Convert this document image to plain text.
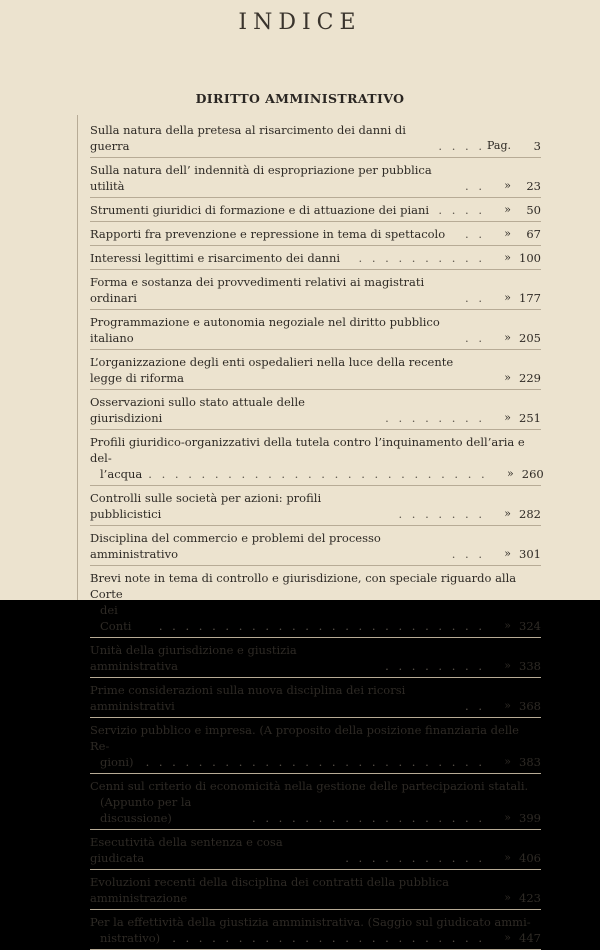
INDICE
DIRITTO AMMINISTRATIVO
Sulla natura della pretesa al risarcimento dei danni di guerra	. . . . Pag.	3
Sulla natura dell’ indennità di espropriazione per pubblica utilità	. .	»	23
Strumenti giuridici di formazione e di attuazione dei piani . . . .	»	50
Rapporti fra prevenzione e repressione in tema di spettacolo	. .	»	67
Interessi legittimi e risarcimento dei danni	. . . . . . . . . .	» 100
Forma e sostanza dei provvedimenti relativi ai magistrati ordinari	. .	» 177
Programmazione e autonomia negoziale nel diritto pubblico italiano	. .	» 205
L’organizzazione degli enti ospedalieri nella luce della recente legge di riforma	» 229
Osservazioni sullo stato attuale delle giurisdizioni	. . . . . . . .	» 251
Profili giuridico-organizzativi della tutela contro l’inquinamento dell’aria e del-
l’acqua . . . . . . . . . . . . . . . . . . . . . . . . . .	» 260
Controlli sulle società per azioni: profili pubblicistici	. . . . . . .	» 282
Disciplina del commercio e problemi del processo amministrativo	. . .	» 301
Brevi note in tema di controllo e giurisdizione, con speciale riguardo alla Corte
dei Conti	. . . . . . . . . . . . . . . . . . . . . . . . .	» 324
Unità della giurisdizione e giustizia amministrativa	. . . . . . . .	» 338
Prime considerazioni sulla nuova disciplina dei ricorsi amministrativi	. .	» 368
Servizio pubblico e impresa. (A proposito della posizione finanziaria delle Re-
gioni)	. . . . . . . . . . . . . . . . . . . . . . . . . .	» 383
Cenni sul criterio di economicità nella gestione delle partecipazioni statali.
(Appunto per la discussione)	. . . . . . . . . . . . . . . . . .	» 399
Esecutività della sentenza e cosa giudicata	. . . . . . . . . . .	» 406
Evoluzioni recenti della disciplina dei contratti della pubblica amministrazione	» 423
Per la effettività della giustizia amministrativa. (Saggio sul giudicato ammi-
nistrativo)	. . . . . . . . . . . . . . . . . . . . . . . .	» 447
